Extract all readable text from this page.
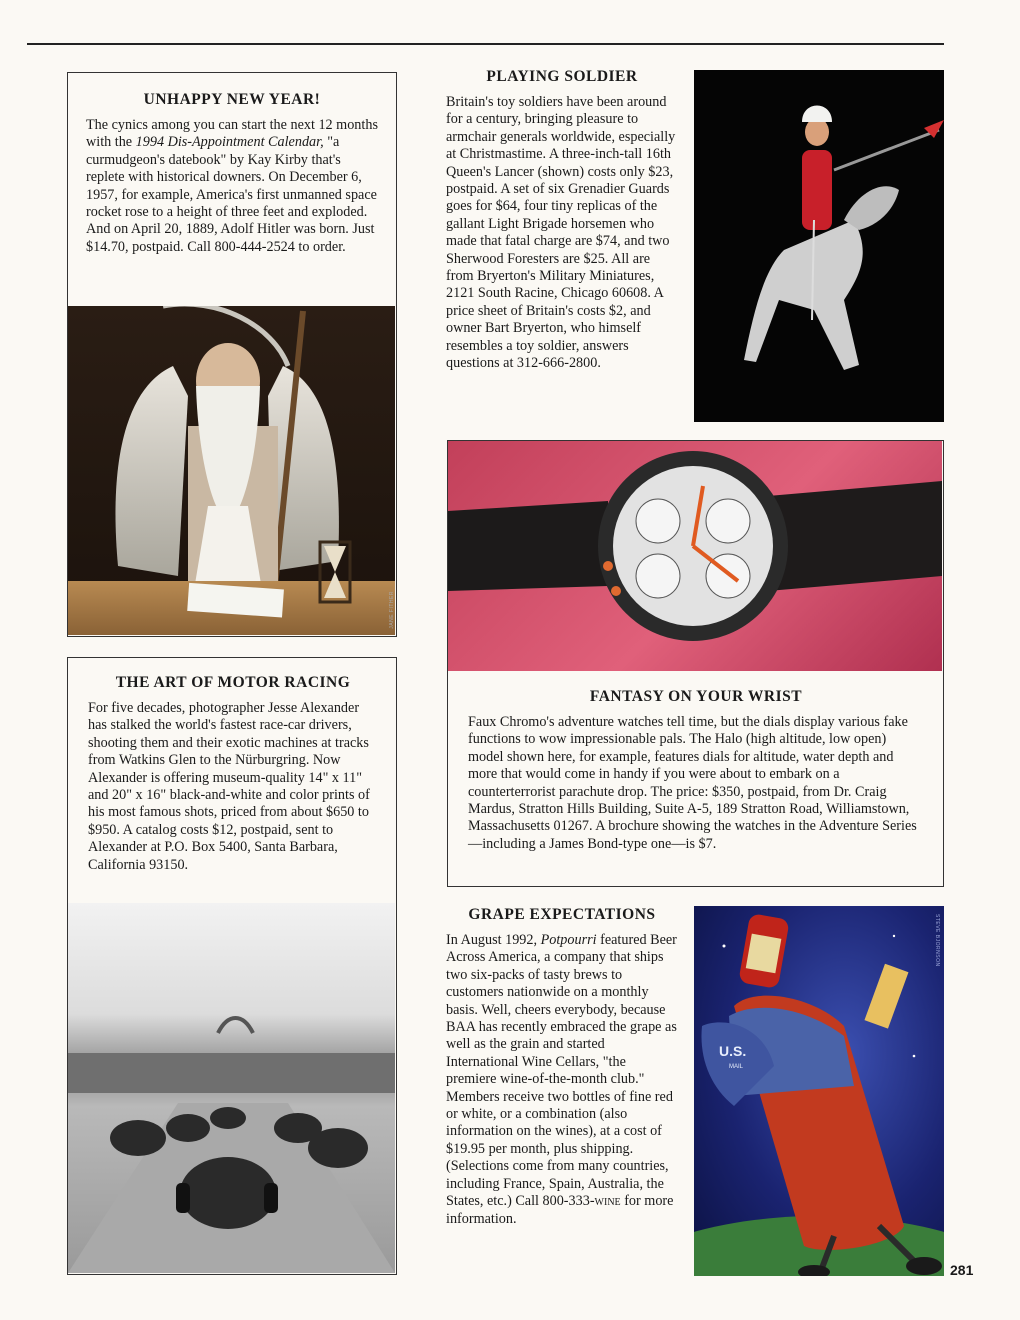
UNHAPPY NEW YEAR!

The cynics among you can start the next 12 months with the 1994 Dis-Appointment Calendar, "a curmudgeon's datebook" by Kay Kirby that's replete with historical downers. On December 6, 1957, for example, America's first unmanned space rocket rose to a height of three feet and exploded. And on April 20, 1889, Adolf Hitler was born. Just $14.70, postpaid. Call 800-444-2524 to order.

JANE FITHER

PLAYING SOLDIER

Britain's toy soldiers have been around for a century, bringing pleasure to armchair generals worldwide, especially at Christmastime. A three-inch-tall 16th Queen's Lancer (shown) costs only $23, postpaid. A set of six Grenadier Guards goes for $64, four tiny replicas of the gallant Light Brigade horsemen who made that fatal charge are $74, and two Sherwood Foresters are $25. All are from Bryerton's Military Miniatures, 2121 South Racine, Chicago 60608. A price sheet of Britain's costs $2, and owner Bart Bryerton, who himself resembles a toy soldier, answers questions at 312-666-2800.

FANTASY ON YOUR WRIST

Faux Chromo's adventure watches tell time, but the dials display various fake functions to wow impressionable pals. The Halo (high altitude, low open) model shown here, for example, features dials for altitude, water depth and more that would come in handy if you were about to embark on a counterterrorist parachute drop. The price: $350, postpaid, from Dr. Craig Mardus, Stratton Hills Building, Suite A-5, 189 Stratton Road, Williamstown, Massachusetts 01267. A brochure showing the watches in the Adventure Series—including a James Bond-type one—is $7.

THE ART OF MOTOR RACING

For five decades, photographer Jesse Alexander has stalked the world's fastest race-car drivers, shooting them and their exotic machines at tracks from Watkins Glen to the Nürburgring. Now Alexander is offering museum-quality 14" x 11" and 20" x 16" black-and-white and color prints of his most famous shots, priced from about $650 to $950. A catalog costs $12, postpaid, sent to Alexander at P.O. Box 5400, Santa Barbara, California 93150.

GRAPE EXPECTATIONS

In August 1992, Potpourri featured Beer Across America, a company that ships two six-packs of tasty brews to customers nationwide on a monthly basis. Well, cheers everybody, because BAA has recently embraced the grape as well as the grain and started International Wine Cellars, "the premiere wine-of-the-month club." Members receive two bottles of fine red or white, or a combination (also information on the wines), at a cost of $19.95 per month, plus shipping. (Selections come from many countries, including France, Spain, Australia, the States, etc.) Call 800-333-wine for more information.

U.S.
MAIL
STEVE BJORNSON
281
